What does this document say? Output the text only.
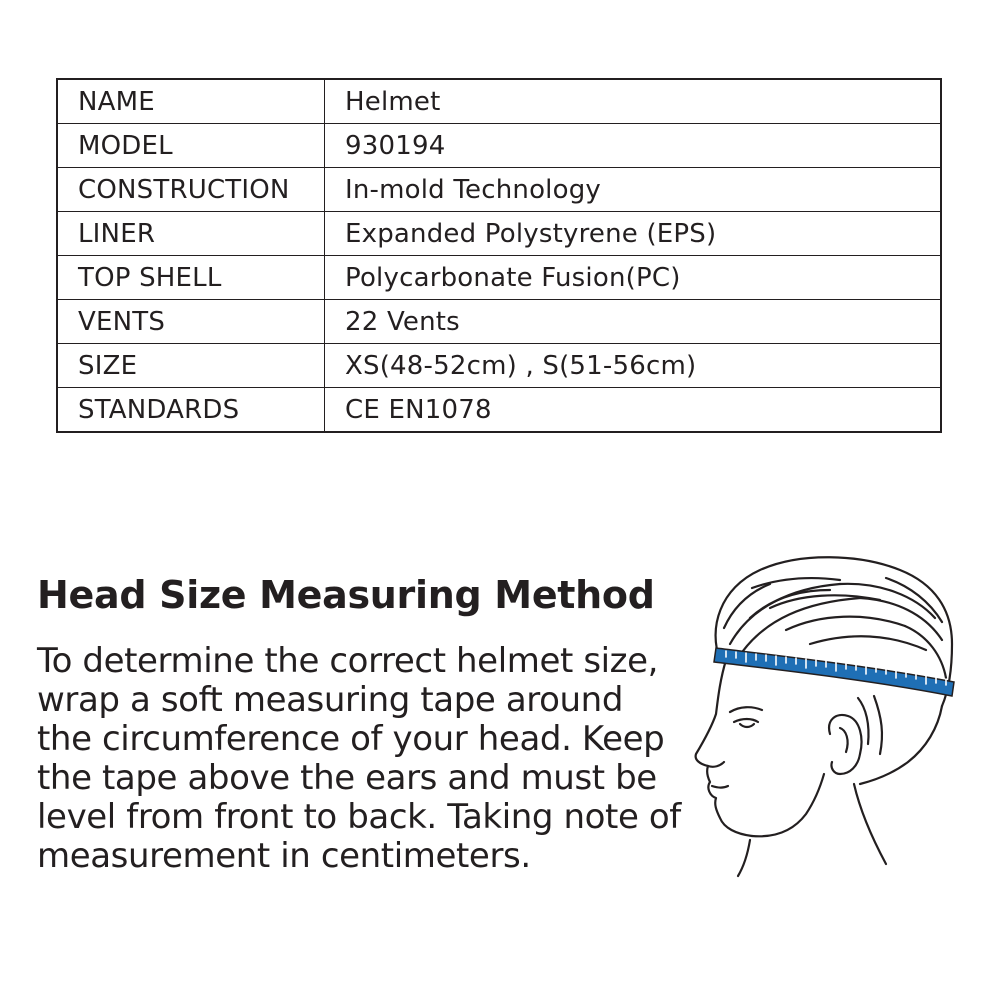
NAME	Helmet
MODEL	930194
CONSTRUCTION	In-mold Technology
LINER	Expanded Polystyrene (EPS)
TOP SHELL	Polycarbonate Fusion(PC)
VENTS	22 Vents
SIZE	XS(48-52cm) , S(51-56cm)
STANDARDS	CE EN1078
Head Size Measuring Method

To determine the correct helmet size, wrap a soft measuring tape around the circumference of your head. Keep the tape above the ears and must be level from front to back. Taking note of measurement in centimeters.
